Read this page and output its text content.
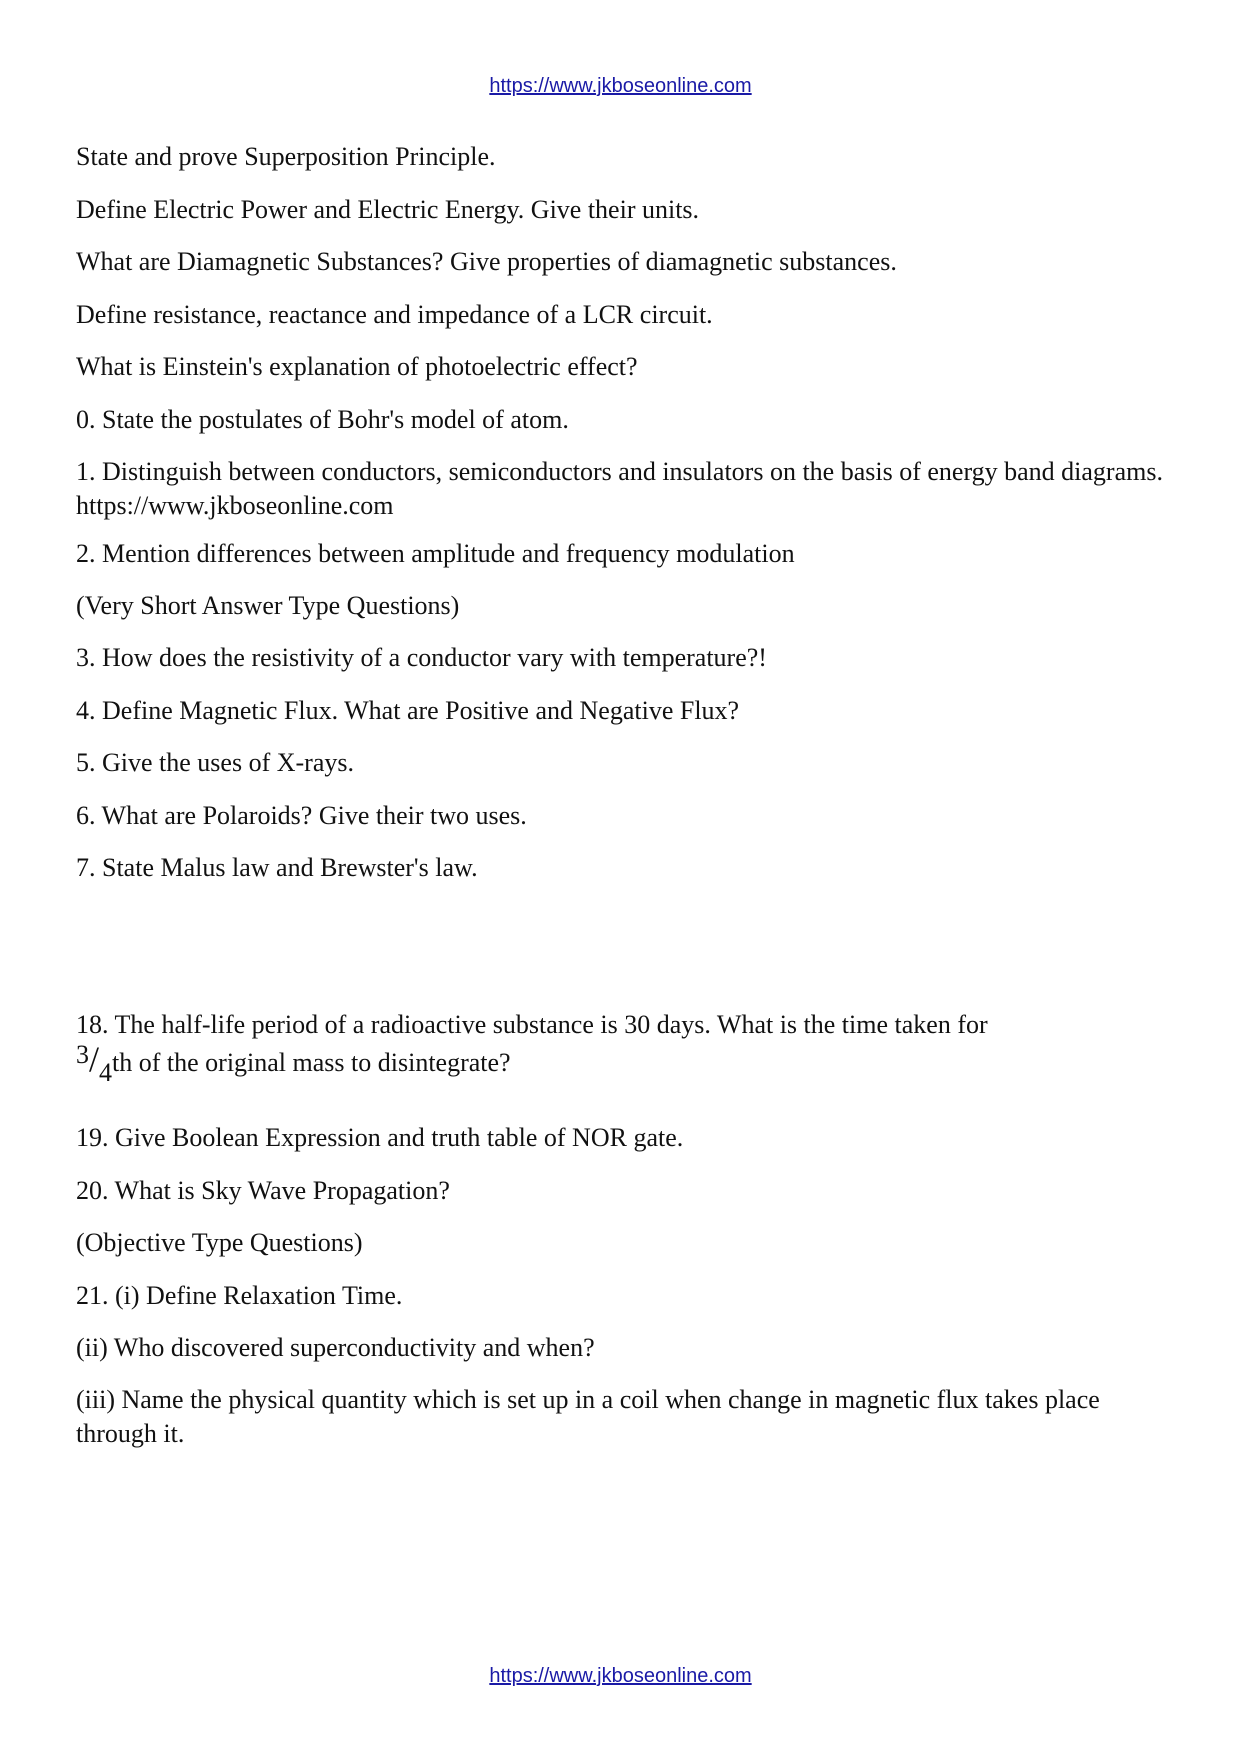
https://www.jkboseonline.com

State and prove Superposition Principle.

Define Electric Power and Electric Energy. Give their units.

What are Diamagnetic Substances? Give properties of diamagnetic substances.

Define resistance, reactance and impedance of a LCR circuit.

What is Einstein's explanation of photoelectric effect?

0. State the postulates of Bohr's model of atom.

1. Distinguish between conductors, semiconductors and insulators on the basis of energy band diagrams. https://www.jkboseonline.com

2. Mention differences between amplitude and frequency modulation

(Very Short Answer Type Questions)

3. How does the resistivity of a conductor vary with temperature?!

4. Define Magnetic Flux. What are Positive and Negative Flux?

5. Give the uses of X-rays.

6. What are Polaroids? Give their two uses.

7. State Malus law and Brewster's law.

18. The half-life period of a radioactive substance is 30 days. What is the time taken for
$^3/_4th$ of the original mass to disintegrate?

19. Give Boolean Expression and truth table of NOR gate.

20. What is Sky Wave Propagation?

(Objective Type Questions)

21. (i) Define Relaxation Time.

(ii) Who discovered superconductivity and when?

(iii) Name the physical quantity which is set up in a coil when change in magnetic flux takes place through it.

https://www.jkboseonline.com
